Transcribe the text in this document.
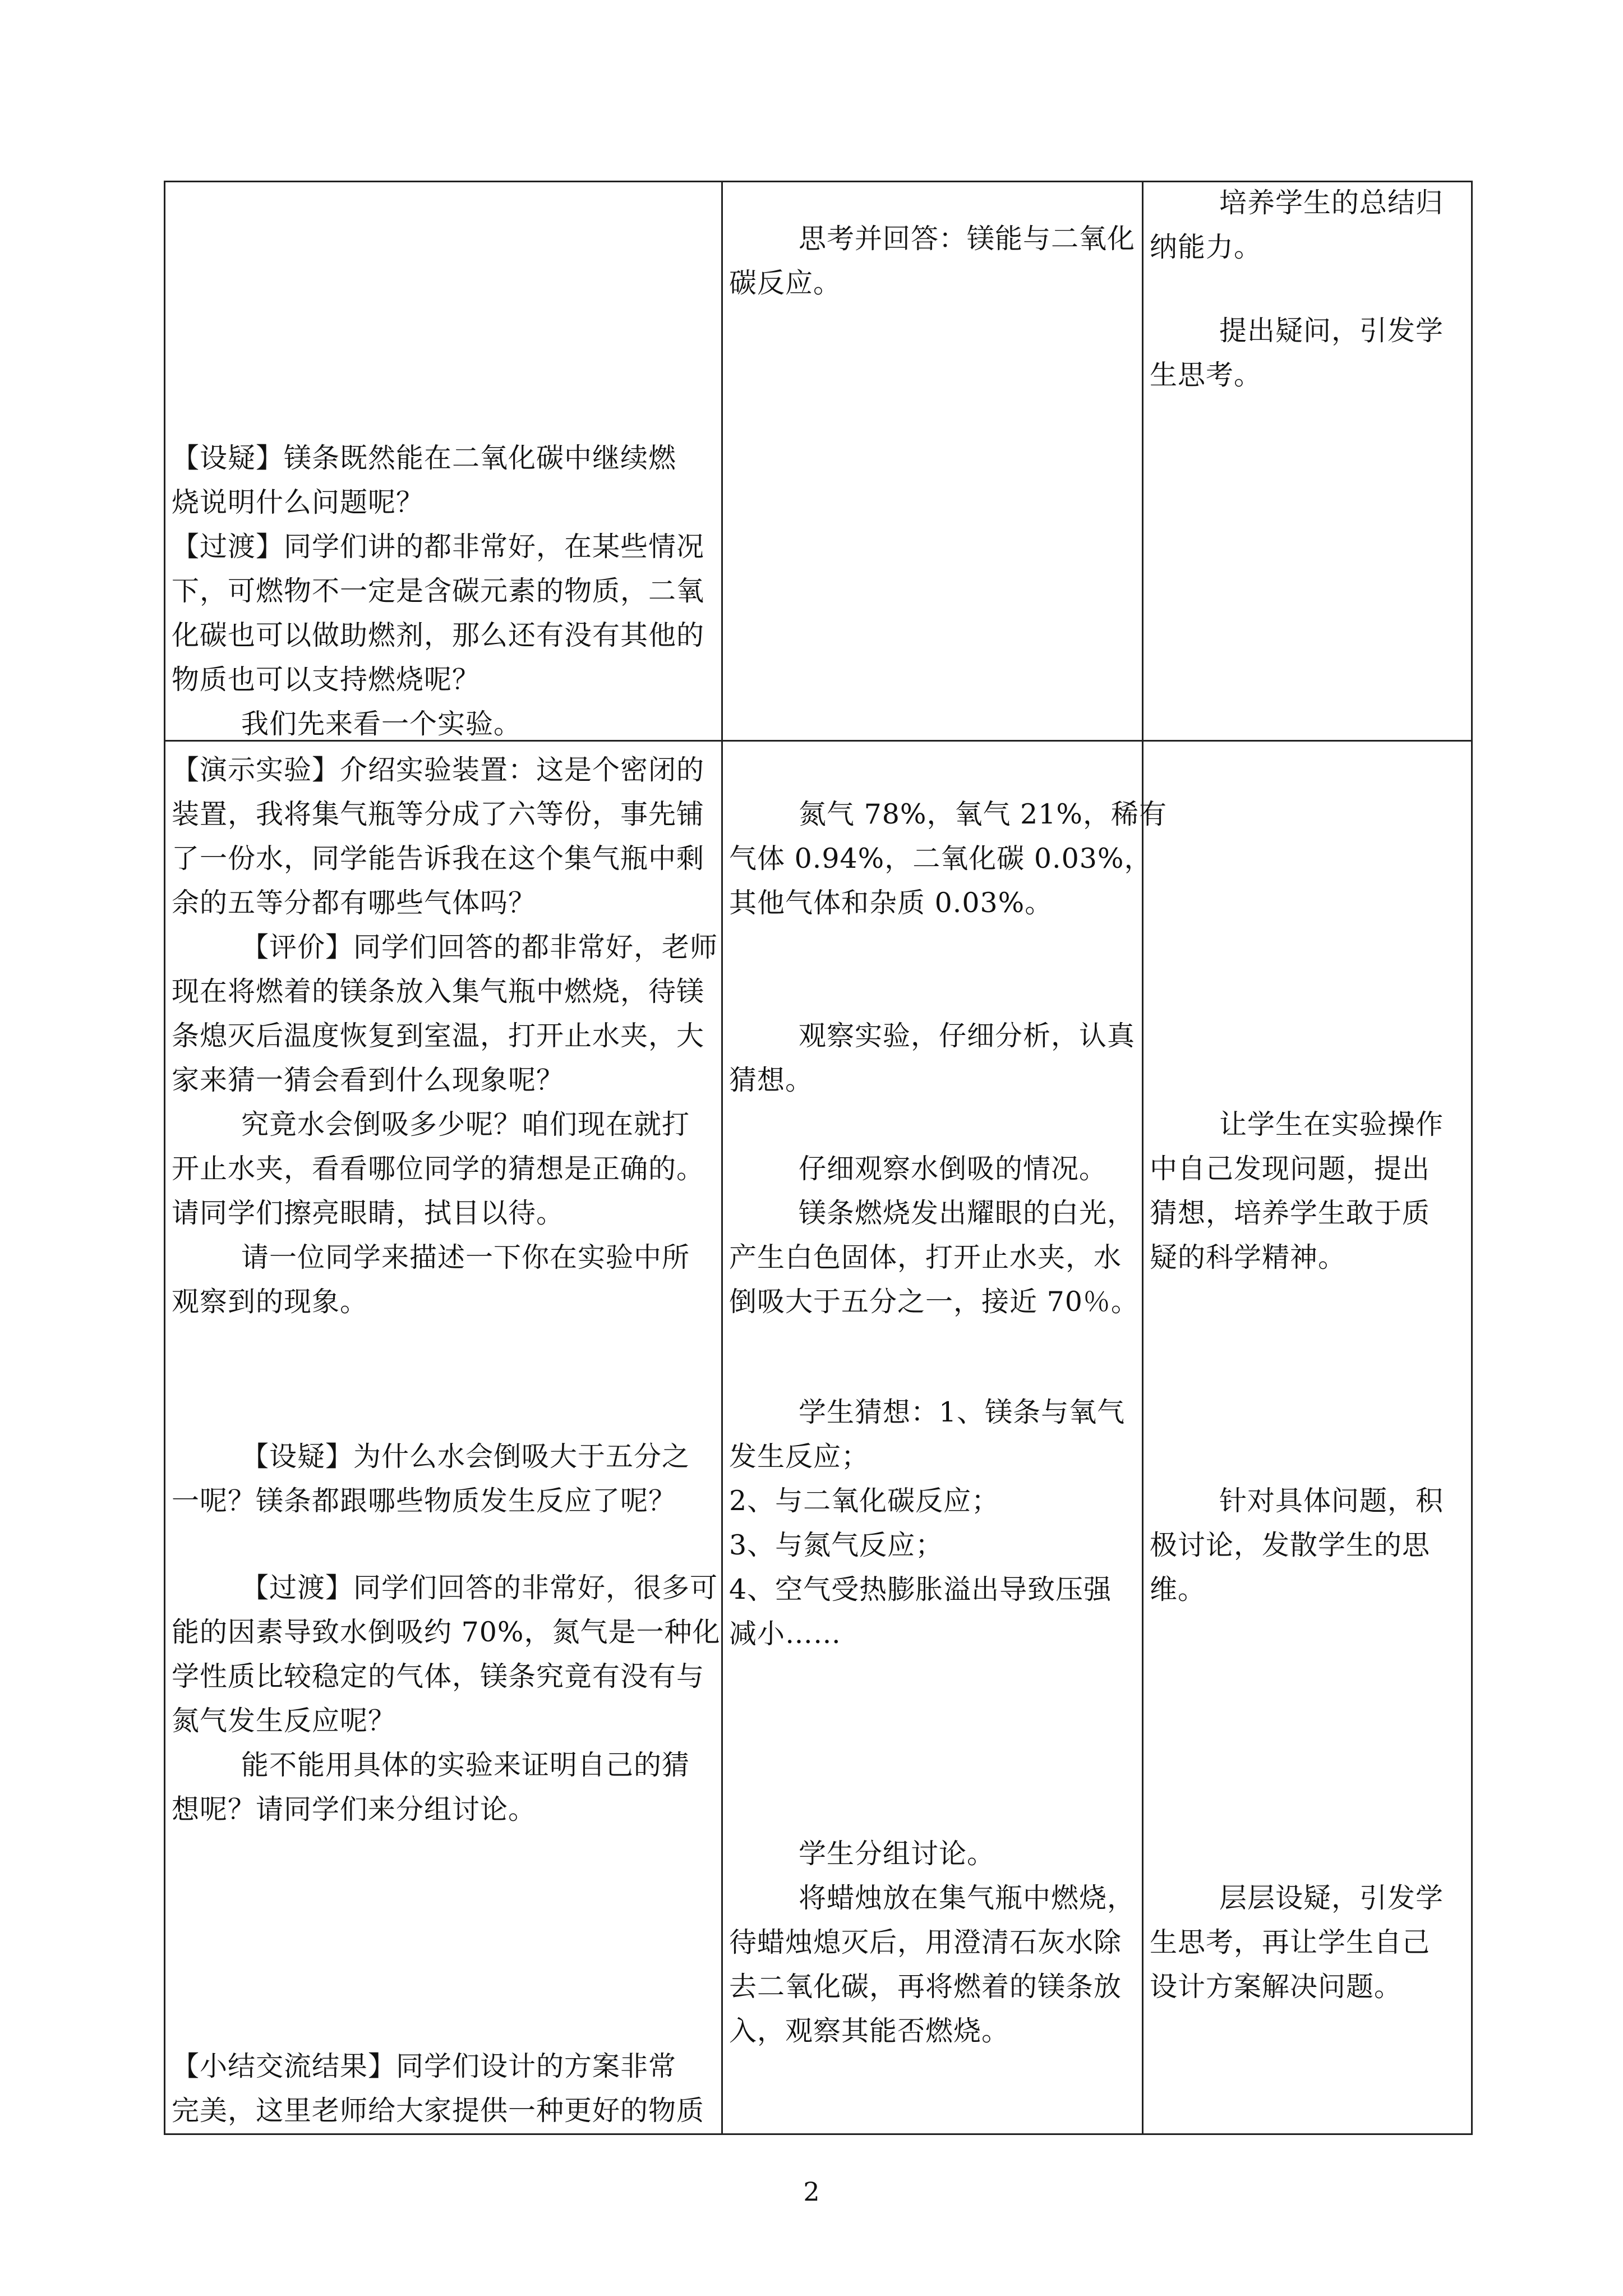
【设疑】镁条既然能在二氧化碳中继续燃

烧说明什么问题呢？

【过渡】同学们讲的都非常好，在某些情况

下，可燃物不一定是含碳元素的物质，二氧

化碳也可以做助燃剂，那么还有没有其他的

物质也可以支持燃烧呢？

我们先来看一个实验。

思考并回答：镁能与二氧化

碳反应。

培养学生的总结归

纳能力。

提出疑问，引发学

生思考。

【演示实验】介绍实验装置：这是个密闭的

装置，我将集气瓶等分成了六等份，事先铺

了一份水，同学能告诉我在这个集气瓶中剩

余的五等分都有哪些气体吗？

【评价】同学们回答的都非常好，老师

现在将燃着的镁条放入集气瓶中燃烧，待镁

条熄灭后温度恢复到室温，打开止水夹，大

家来猜一猜会看到什么现象呢？

究竟水会倒吸多少呢？咱们现在就打

开止水夹，看看哪位同学的猜想是正确的。

请同学们擦亮眼睛，拭目以待。

请一位同学来描述一下你在实验中所

观察到的现象。

【设疑】为什么水会倒吸大于五分之

一呢？镁条都跟哪些物质发生反应了呢？

【过渡】同学们回答的非常好，很多可

能的因素导致水倒吸约 70%，氮气是一种化

学性质比较稳定的气体，镁条究竟有没有与

氮气发生反应呢？

能不能用具体的实验来证明自己的猜

想呢？请同学们来分组讨论。

【小结交流结果】同学们设计的方案非常

完美，这里老师给大家提供一种更好的物质

氮气 78%，氧气 21%，稀有

气体 0.94%，二氧化碳 0.03%，

其他气体和杂质 0.03%。

观察实验，仔细分析，认真

猜想。

仔细观察水倒吸的情况。

镁条燃烧发出耀眼的白光，

产生白色固体，打开止水夹，水

倒吸大于五分之一，接近 70％。

学生猜想：1、镁条与氧气

发生反应；

2、与二氧化碳反应；

3、与氮气反应；

4、空气受热膨胀溢出导致压强

减小……

学生分组讨论。

将蜡烛放在集气瓶中燃烧，

待蜡烛熄灭后，用澄清石灰水除

去二氧化碳，再将燃着的镁条放

入，观察其能否燃烧。

让学生在实验操作

中自己发现问题，提出

猜想，培养学生敢于质

疑的科学精神。

针对具体问题，积

极讨论，发散学生的思

维。

层层设疑，引发学

生思考，再让学生自己

设计方案解决问题。

2
